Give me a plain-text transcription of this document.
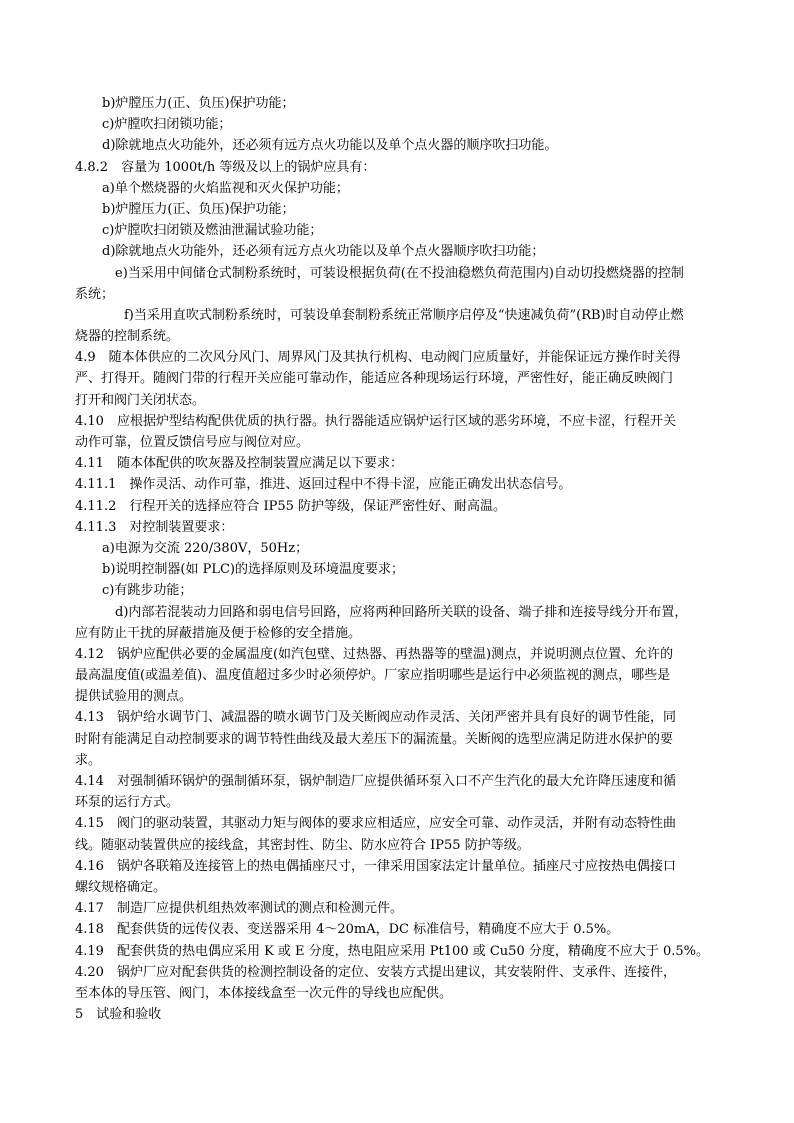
b)炉膛压力(正、负压)保护功能；
c)炉膛吹扫闭锁功能；
d)除就地点火功能外，还必须有远方点火功能以及单个点火器的顺序吹扫功能。
4.8.2　容量为 1000t/h 等级及以上的锅炉应具有：
a)单个燃烧器的火焰监视和灭火保护功能；
b)炉膛压力(正、负压)保护功能；
c)炉膛吹扫闭锁及燃油泄漏试验功能；
d)除就地点火功能外，还必须有远方点火功能以及单个点火器顺序吹扫功能；
e)当采用中间储仓式制粉系统时，可装设根据负荷(在不投油稳燃负荷范围内)自动切投燃烧器的控制
系统；
f)当采用直吹式制粉系统时，可装设单套制粉系统正常顺序启停及“快速减负荷”(RB)时自动停止燃
烧器的控制系统。
4.9　随本体供应的二次风分风门、周界风门及其执行机构、电动阀门应质量好，并能保证远方操作时关得
严、打得开。随阀门带的行程开关应能可靠动作，能适应各种现场运行环境，严密性好，能正确反映阀门
打开和阀门关闭状态。
4.10　应根据炉型结构配供优质的执行器。执行器能适应锅炉运行区域的恶劣环境，不应卡涩，行程开关
动作可靠，位置反馈信号应与阀位对应。
4.11　随本体配供的吹灰器及控制装置应满足以下要求：
4.11.1　操作灵活、动作可靠，推进、返回过程中不得卡涩，应能正确发出状态信号。
4.11.2　行程开关的选择应符合 IP55 防护等级，保证严密性好、耐高温。
4.11.3　对控制装置要求：
a)电源为交流 220/380V，50Hz；
b)说明控制器(如 PLC)的选择原则及环境温度要求；
c)有跳步功能；
d)内部若混装动力回路和弱电信号回路，应将两种回路所关联的设备、端子排和连接导线分开布置，
应有防止干扰的屏蔽措施及便于检修的安全措施。
4.12　锅炉应配供必要的金属温度(如汽包壁、过热器、再热器等的壁温)测点，并说明测点位置、允许的
最高温度值(或温差值)、温度值超过多少时必须停炉。厂家应指明哪些是运行中必须监视的测点，哪些是
提供试验用的测点。
4.13　锅炉给水调节门、减温器的喷水调节门及关断阀应动作灵活、关闭严密并具有良好的调节性能，同
时附有能满足自动控制要求的调节特性曲线及最大差压下的漏流量。关断阀的选型应满足防进水保护的要
求。
4.14　对强制循环锅炉的强制循环泵，锅炉制造厂应提供循环泵入口不产生汽化的最大允许降压速度和循
环泵的运行方式。
4.15　阀门的驱动装置，其驱动力矩与阀体的要求应相适应，应安全可靠、动作灵活，并附有动态特性曲
线。随驱动装置供应的接线盒，其密封性、防尘、防水应符合 IP55 防护等级。
4.16　锅炉各联箱及连接管上的热电偶插座尺寸，一律采用国家法定计量单位。插座尺寸应按热电偶接口
螺纹规格确定。
4.17　制造厂应提供机组热效率测试的测点和检测元件。
4.18　配套供货的远传仪表、变送器采用 4～20mA，DC 标准信号，精确度不应大于 0.5%。
4.19　配套供货的热电偶应采用 K 或 E 分度，热电阻应采用 Pt100 或 Cu50 分度，精确度不应大于 0.5%。
4.20　锅炉厂应对配套供货的检测控制设备的定位、安装方式提出建议，其安装附件、支承件、连接件，
至本体的导压管、阀门，本体接线盒至一次元件的导线也应配供。
5　试验和验收
